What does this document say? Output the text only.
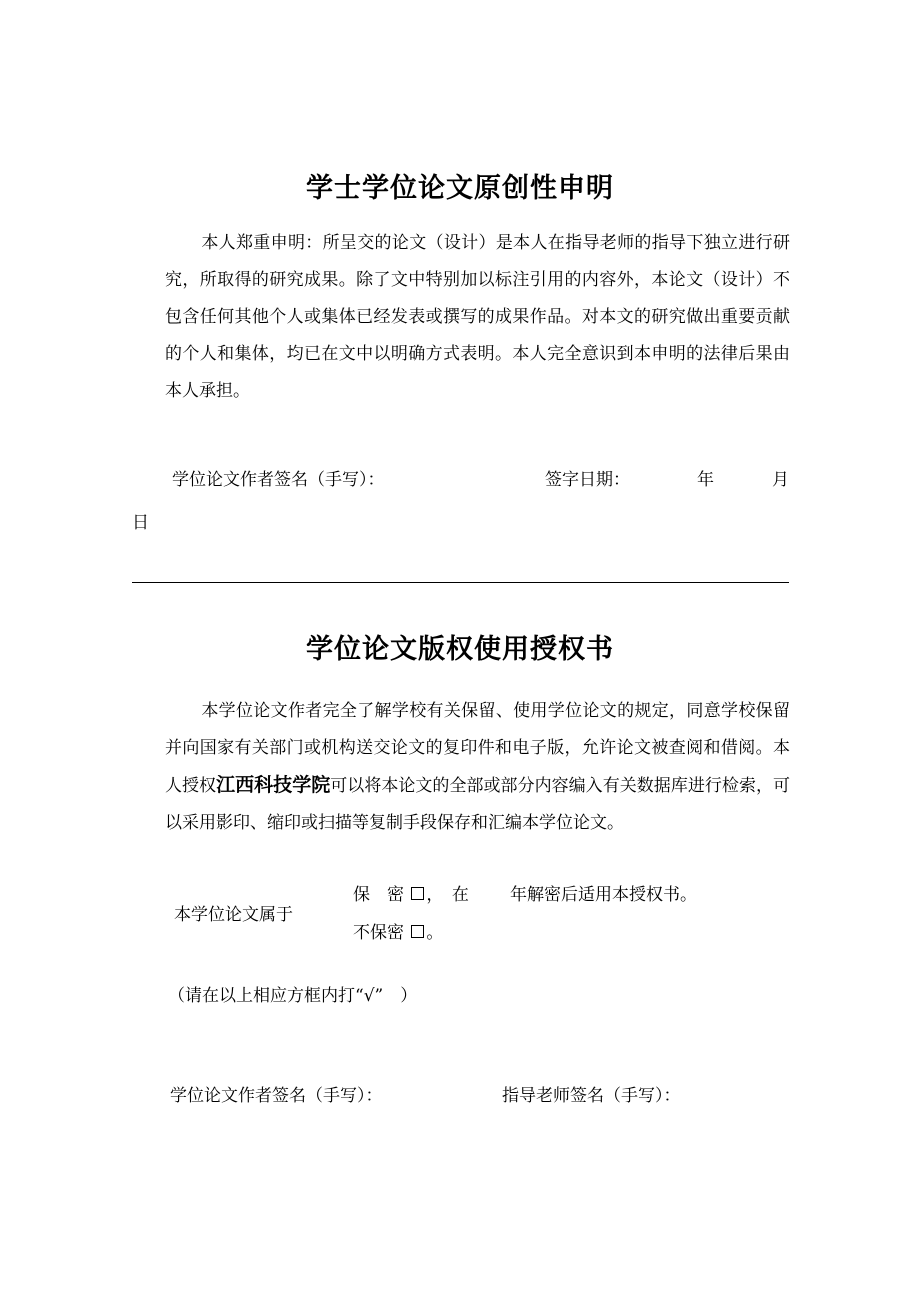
学士学位论文原创性申明

本人郑重申明：所呈交的论文（设计）是本人在指导老师的指导下独立进行研究，所取得的研究成果。除了文中特别加以标注引用的内容外，本论文（设计）不包含任何其他个人或集体已经发表或撰写的成果作品。对本文的研究做出重要贡献的个人和集体，均已在文中以明确方式表明。本人完全意识到本申明的法律后果由本人承担。

学位论文作者签名（手写）：	签字日期：	年	月
日
学位论文版权使用授权书

本学位论文作者完全了解学校有关保留、使用学位论文的规定，同意学校保留并向国家有关部门或机构送交论文的复印件和电子版，允许论文被查阅和借阅。本人授权江西科技学院可以将本论文的全部或部分内容编入有关数据库进行检索，可以采用影印、缩印或扫描等复制手段保存和汇编本学位论文。

本学位论文属于
保　密 ，　在 年解密后适用本授权书。
不保密 。
（请在以上相应方框内打“√”　）
学位论文作者签名（手写）：	指导老师签名（手写）：
